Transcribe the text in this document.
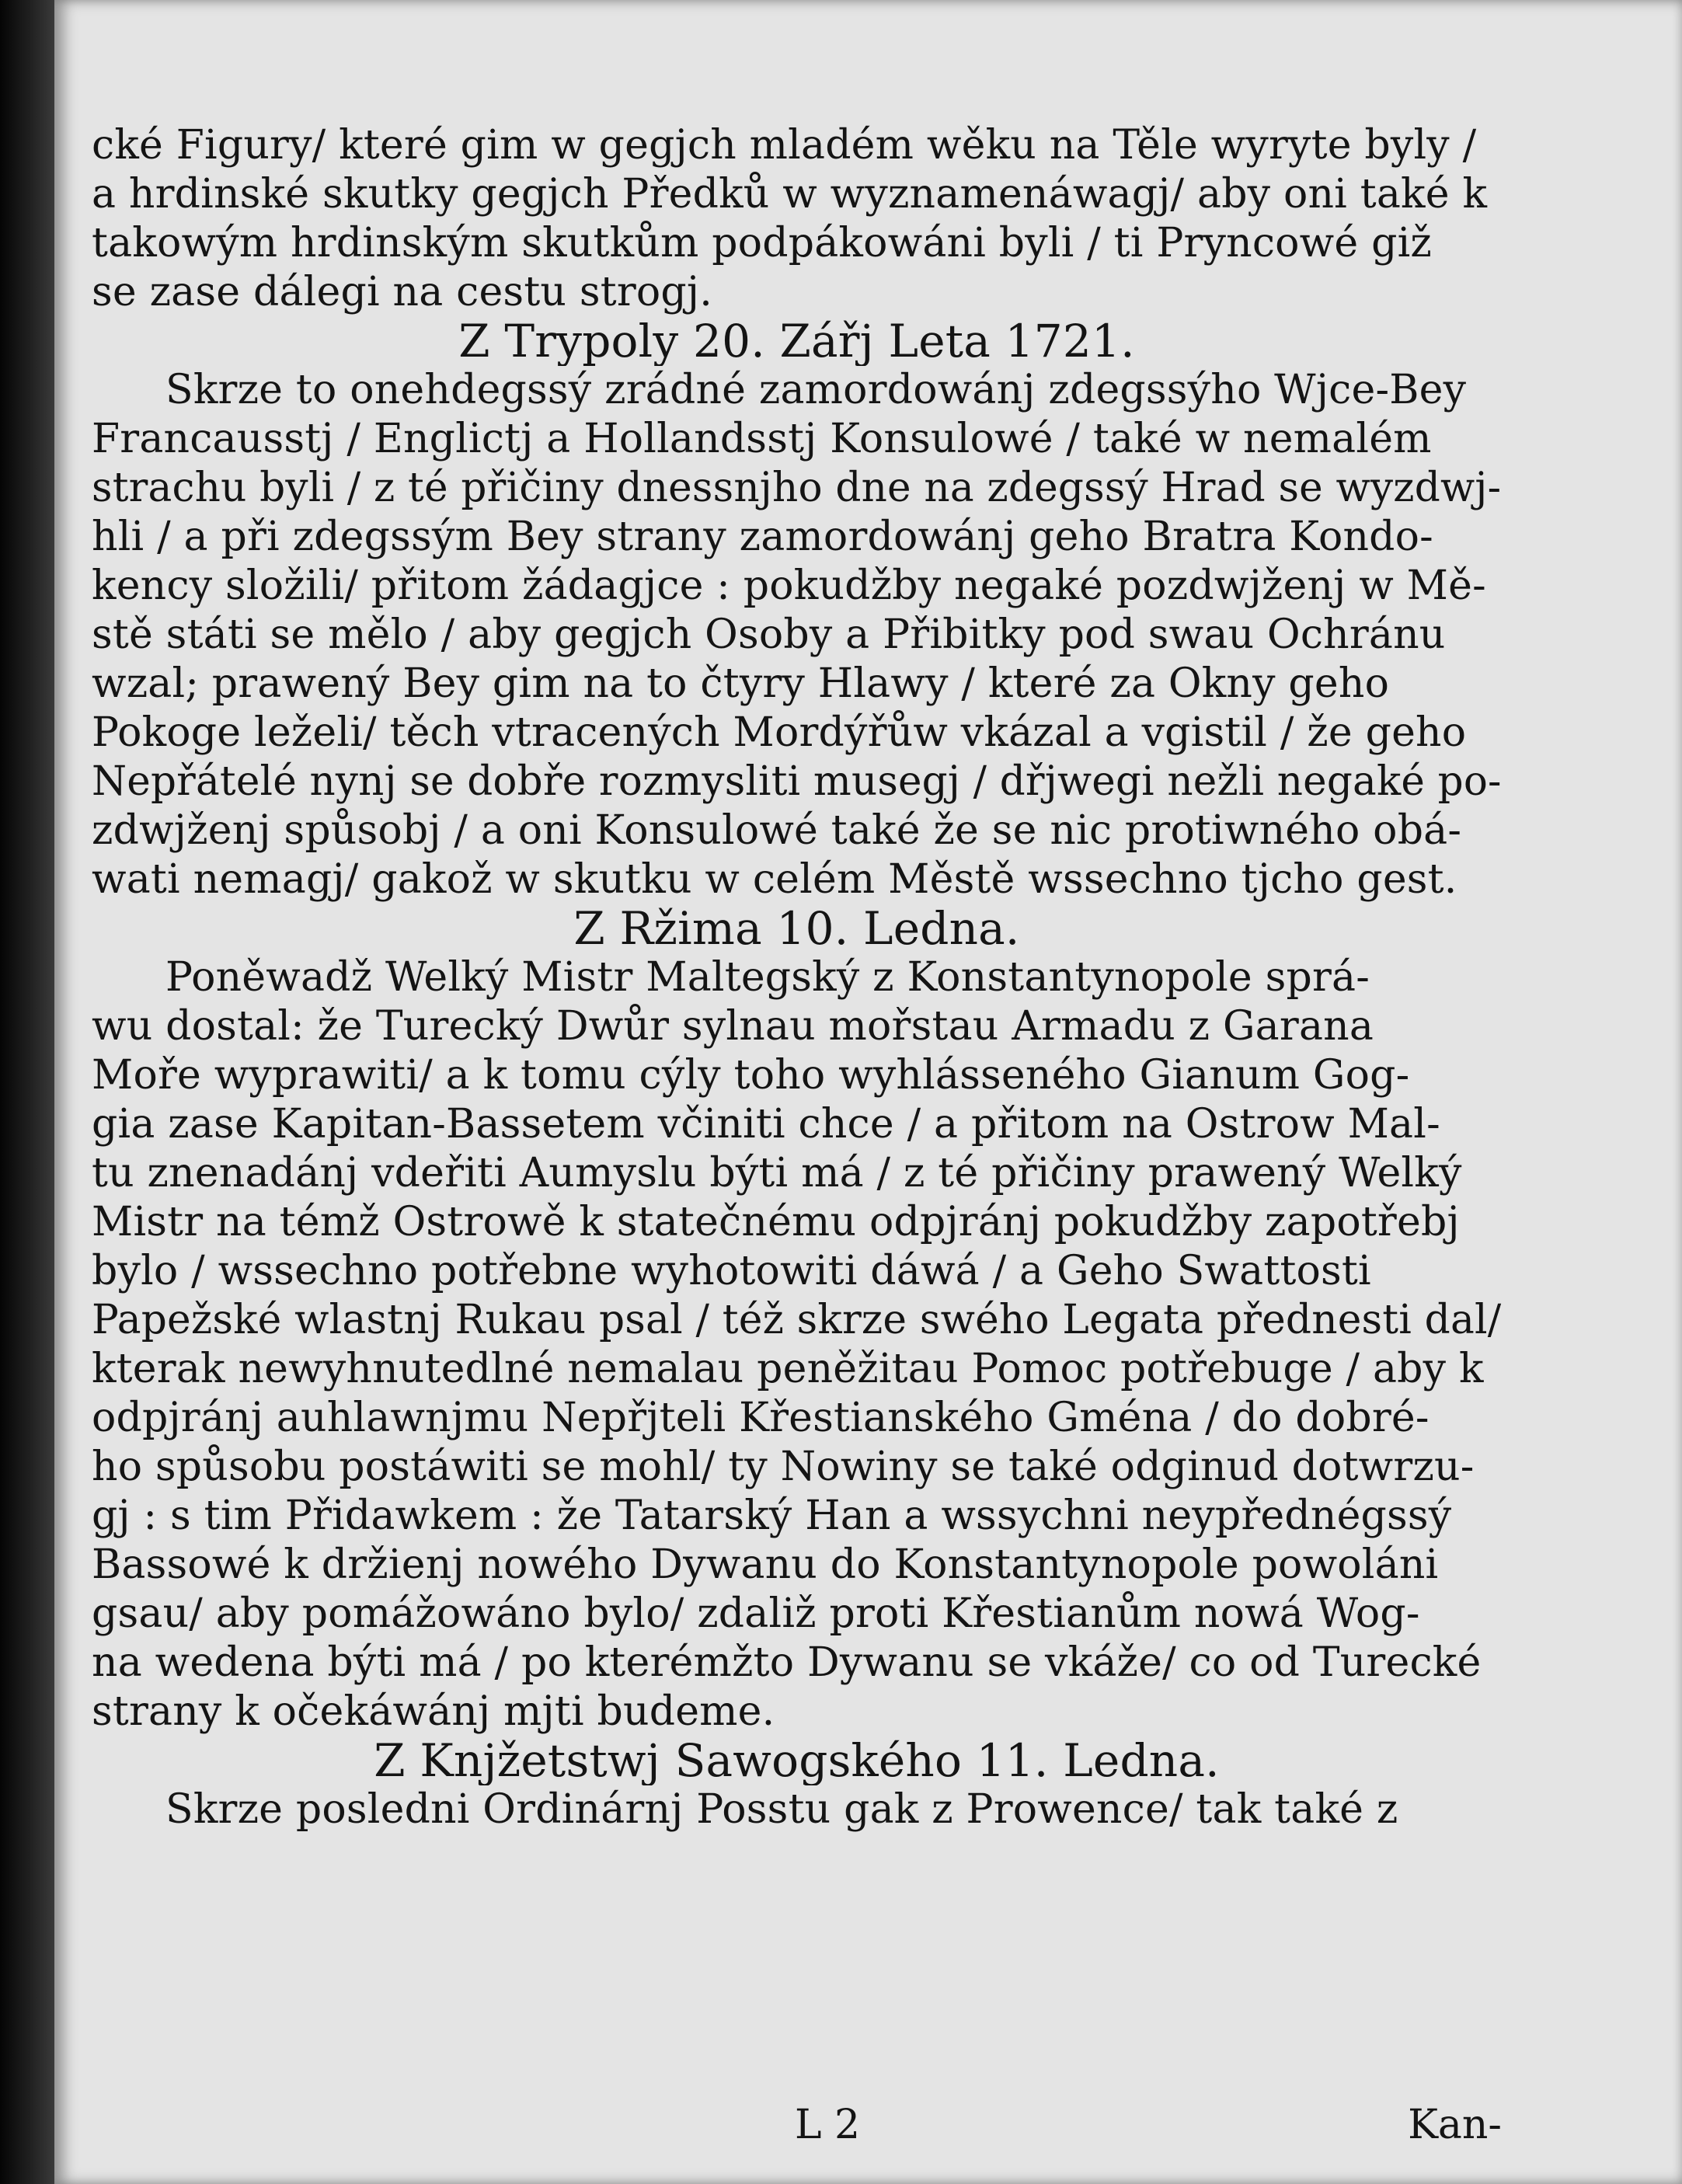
cké Figury/ které gim w gegjch mladém wěku na Těle wyryte byly /
a hrdinské skutky gegjch Předků w wyznamenáwagj/ aby oni také k
takowým hrdinským skutkům podpákowáni byli / ti Pryncowé giž
se zase dálegi na cestu strogj.
Z Trypoly 20. Zářj Leta 1721.
Skrze to onehdegssý zrádné zamordowánj zdegssýho Wjce-Bey
Francausstj / Englictj a Hollandsstj Konsulowé / také w nemalém
strachu byli / z té přičiny dnessnjho dne na zdegssý Hrad se wyzdwj-
hli / a při zdegssým Bey strany zamordowánj geho Bratra Kondo-
kency složili/ přitom žádagjce : pokudžby negaké pozdwjženj w Mě-
stě státi se mělo / aby gegjch Osoby a Přibitky pod swau Ochránu
wzal; prawený Bey gim na to čtyry Hlawy / které za Okny geho
Pokoge leželi/ těch vtracených Mordýřůw vkázal a vgistil / že geho
Nepřátelé nynj se dobře rozmysliti musegj / dřjwegi nežli negaké po-
zdwjženj spůsobj / a oni Konsulowé také že se nic protiwného obá-
wati nemagj/ gakož w skutku w celém Městě wssechno tjcho gest.
Z Ržima 10. Ledna.
Poněwadž Welký Mistr Maltegský z Konstantynopole sprá-
wu dostal: že Turecký Dwůr sylnau mořstau Armadu z Garana
Moře wyprawiti/ a k tomu cýly toho wyhlásseného Gianum Gog-
gia zase Kapitan-Bassetem včiniti chce / a přitom na Ostrow Mal-
tu znenadánj vdeřiti Aumyslu býti má / z té přičiny prawený Welký
Mistr na témž Ostrowě k statečnému odpjránj pokudžby zapotřebj
bylo / wssechno potřebne wyhotowiti dáwá / a Geho Swattosti
Papežské wlastnj Rukau psal / též skrze swého Legata přednesti dal/
kterak newyhnutedlné nemalau peněžitau Pomoc potřebuge / aby k
odpjránj auhlawnjmu Nepřjteli Křestianského Gména / do dobré-
ho spůsobu postáwiti se mohl/ ty Nowiny se také odginud dotwrzu-
gj : s tim Přidawkem : že Tatarský Han a wssychni neypřednégssý
Bassowé k držienj nowého Dywanu do Konstantynopole powoláni
gsau/ aby pomážowáno bylo/ zdaliž proti Křestianům nowá Wog-
na wedena býti má / po kterémžto Dywanu se vkáže/ co od Turecké
strany k očekáwánj mjti budeme.
Z Knjžetstwj Sawogského 11. Ledna.
Skrze posledni Ordinárnj Posstu gak z Prowence/ tak také z
L 2	Kan-
